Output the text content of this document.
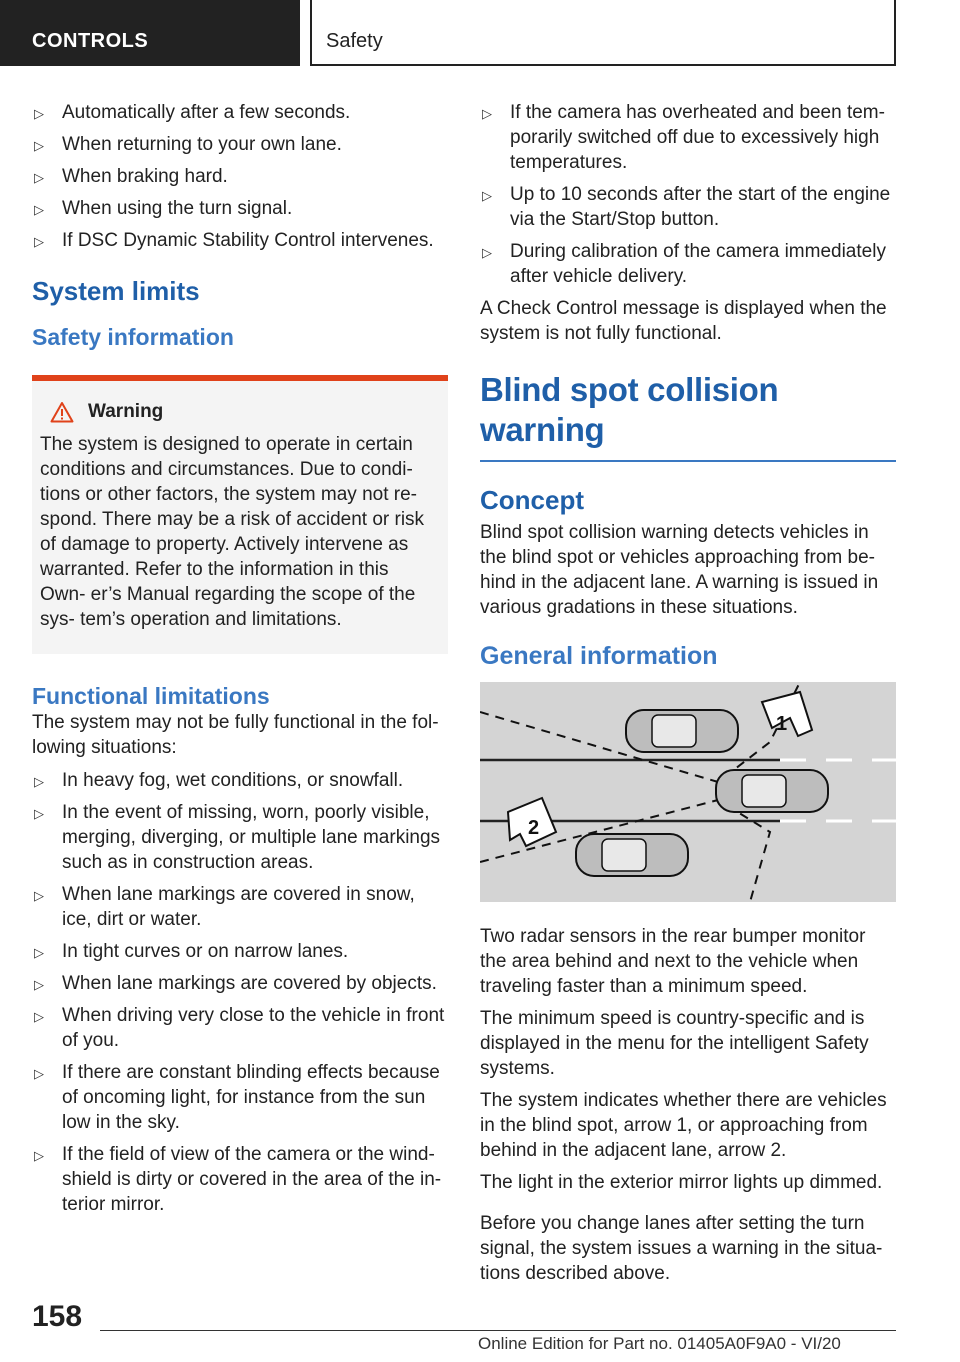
CONTROLS	Safety
▷ Automatically after a few seconds.
▷ When returning to your own lane.
▷ When braking hard.
▷ When using the turn signal.
▷ If DSC Dynamic Stability Control intervenes.
System limits
Safety information
Warning
The system is designed to operate in certain conditions and circumstances. Due to condi‐ tions or other factors, the system may not re‐ spond. There may be a risk of accident or risk of damage to property. Actively intervene as warranted. Refer to the information in this Own‐ er’s Manual regarding the scope of the sys‐ tem’s operation and limitations.
Functional limitations

The system may not be fully functional in the fol‐ lowing situations:

▷ In heavy fog, wet conditions, or snowfall.
▷ In the event of missing, worn, poorly visible, merging, diverging, or multiple lane markings such as in construction areas.
▷ When lane markings are covered in snow, ice, dirt or water.
▷ In tight curves or on narrow lanes.
▷ When lane markings are covered by objects.
▷ When driving very close to the vehicle in front of you.
▷ If there are constant blinding effects because of oncoming light, for instance from the sun low in the sky.
▷ If the field of view of the camera or the wind‐ shield is dirty or covered in the area of the in‐ terior mirror.
▷ If the camera has overheated and been tem‐ porarily switched off due to excessively high temperatures.
▷ Up to 10 seconds after the start of the engine via the Start/Stop button.
▷ During calibration of the camera immediately after vehicle delivery.

A Check Control message is displayed when the system is not fully functional.

Blind spot collision warning
Concept

Blind spot collision warning detects vehicles in the blind spot or vehicles approaching from be‐ hind in the adjacent lane. A warning is issued in various gradations in these situations.

General information
1
2

Two radar sensors in the rear bumper monitor the area behind and next to the vehicle when traveling faster than a minimum speed.

The minimum speed is country-specific and is displayed in the menu for the intelligent Safety systems.

The system indicates whether there are vehicles in the blind spot, arrow 1, or approaching from behind in the adjacent lane, arrow 2.

The light in the exterior mirror lights up dimmed.

Before you change lanes after setting the turn signal, the system issues a warning in the situa‐ tions described above.

158
Online Edition for Part no. 01405A0F9A0 - VI/20
